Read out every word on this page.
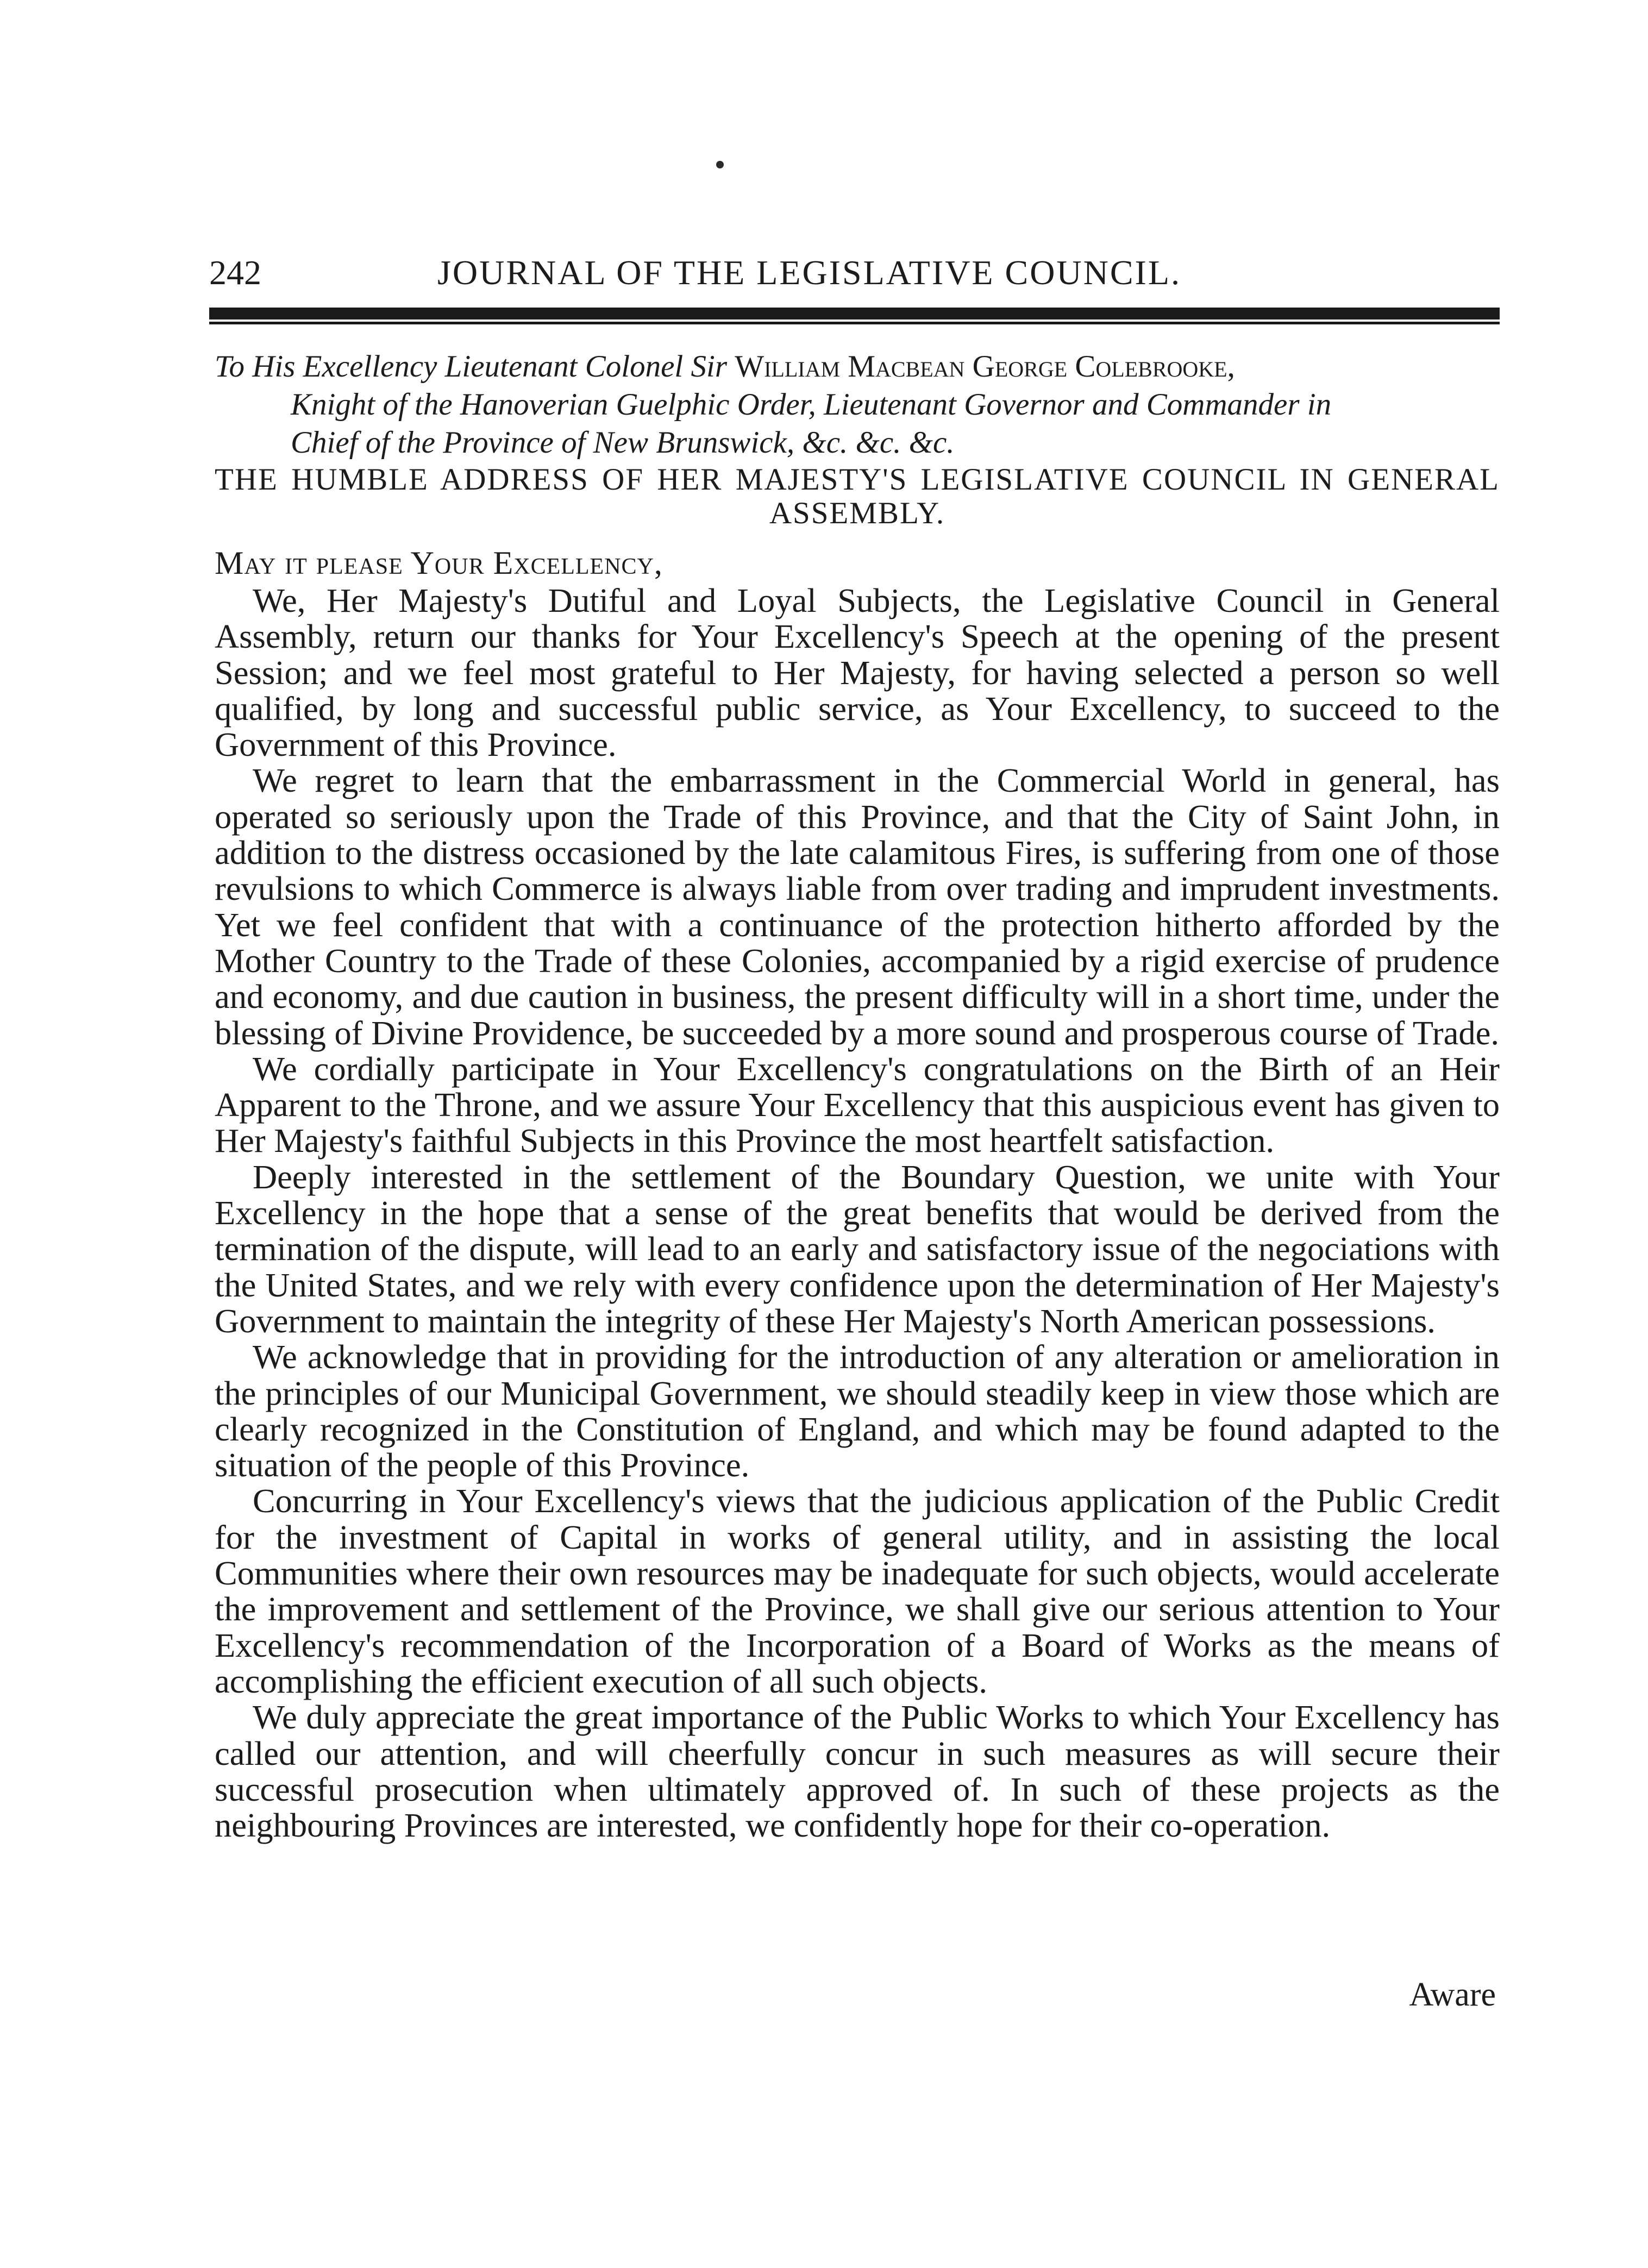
242	JOURNAL OF THE LEGISLATIVE COUNCIL.
To His Excellency Lieutenant Colonel Sir William Macbean George Colebrooke,
Knight of the Hanoverian Guelphic Order, Lieutenant Governor and Commander in
Chief of the Province of New Brunswick, &c. &c. &c.
THE HUMBLE ADDRESS OF HER MAJESTY'S LEGISLATIVE COUNCIL IN GENERAL ASSEMBLY.
May it please Your Excellency,

We, Her Majesty's Dutiful and Loyal Subjects, the Legislative Council in General Assembly, return our thanks for Your Excellency's Speech at the opening of the present Session; and we feel most grateful to Her Majesty, for having selected a person so well qualified, by long and successful public service, as Your Excellency, to succeed to the Government of this Province.

We regret to learn that the embarrassment in the Commercial World in general, has operated so seriously upon the Trade of this Province, and that the City of Saint John, in addition to the distress occasioned by the late calamitous Fires, is suffering from one of those revulsions to which Commerce is always liable from over trading and imprudent investments. Yet we feel confident that with a continuance of the protection hitherto afforded by the Mother Country to the Trade of these Colonies, accompanied by a rigid exercise of prudence and economy, and due caution in business, the present difficulty will in a short time, under the blessing of Divine Providence, be succeeded by a more sound and prosperous course of Trade.

We cordially participate in Your Excellency's congratulations on the Birth of an Heir Apparent to the Throne, and we assure Your Excellency that this auspicious event has given to Her Majesty's faithful Subjects in this Province the most heartfelt satisfaction.

Deeply interested in the settlement of the Boundary Question, we unite with Your Excellency in the hope that a sense of the great benefits that would be derived from the termination of the dispute, will lead to an early and satisfactory issue of the negociations with the United States, and we rely with every confidence upon the determination of Her Majesty's Government to maintain the integrity of these Her Majesty's North American possessions.

We acknowledge that in providing for the introduction of any alteration or amelioration in the principles of our Municipal Government, we should steadily keep in view those which are clearly recognized in the Constitution of England, and which may be found adapted to the situation of the people of this Province.

Concurring in Your Excellency's views that the judicious application of the Public Credit for the investment of Capital in works of general utility, and in assisting the local Communities where their own resources may be inadequate for such objects, would accelerate the improvement and settlement of the Province, we shall give our serious attention to Your Excellency's recommendation of the Incorporation of a Board of Works as the means of accomplishing the efficient execution of all such objects.

We duly appreciate the great importance of the Public Works to which Your Excellency has called our attention, and will cheerfully concur in such measures as will secure their successful prosecution when ultimately approved of. In such of these projects as the neighbouring Provinces are interested, we confidently hope for their co-operation.

Aware
